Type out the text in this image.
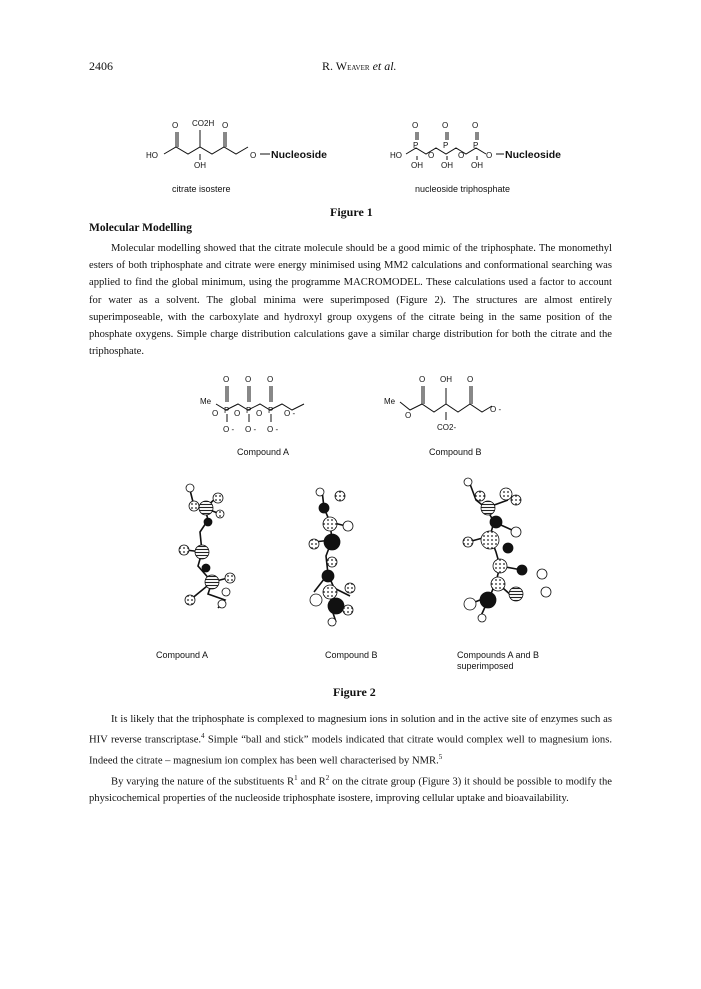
2406	R. Weaver et al.
O CO2H O
HO
OH
O Nucleoside
O	O	O
P	P	P
HO	O	O	O
OH OH OH
Nucleoside
citrate isostere	nucleoside triphosphate
Figure 1
Molecular Modelling

Molecular modelling showed that the citrate molecule should be a good mimic of the triphosphate. The monomethyl esters of both triphosphate and citrate were energy minimised using MM2 calculations and conformational searching was applied to find the global minimum, using the programme MACROMODEL. These calculations used a factor to account for water as a solvent. The global minima were superimposed (Figure 2). The structures are almost entirely superimposeable, with the carboxylate and hydroxyl group oxygens of the citrate being in the same position of the phosphate oxygens. Simple charge distribution calculations gave a similar charge distribution for both the citrate and the triphosphate.

Me
O O O
P P P
O O O	O -
O - O - O -
Me
O
O OH O
O -
CO2-
Compound A	Compound B
Compound A	Compound B	Compounds A and B
superimposed
Figure 2

It is likely that the triphosphate is complexed to magnesium ions in solution and in the active site of enzymes such as HIV reverse transcriptase.$^4$ Simple “ball and stick” models indicated that citrate would complex well to magnesium ions. Indeed the citrate – magnesium ion complex has been well characterised by NMR.$^5$

By varying the nature of the substituents $R^1$ and $R^2$ on the citrate group (Figure 3) it should be possible to modify the physicochemical properties of the nucleoside triphosphate isostere, improving cellular uptake and bioavailability.
